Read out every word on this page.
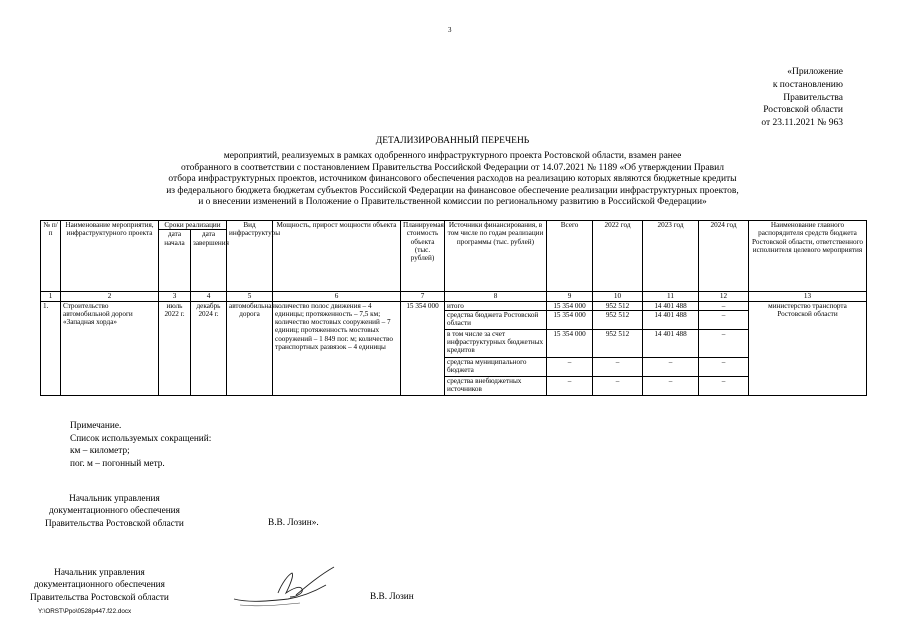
3
«Приложение
к постановлению
Правительства
Ростовской области
от 23.11.2021 № 963
ДЕТАЛИЗИРОВАННЫЙ ПЕРЕЧЕНЬ
мероприятий, реализуемых в рамках одобренного инфраструктурного проекта Ростовской области, взамен ранее
отобранного в соответствии с постановлением Правительства Российской Федерации от 14.07.2021 № 1189 «Об утверждении Правил
отбора инфраструктурных проектов, источником финансового обеспечения расходов на реализацию которых являются бюджетные кредиты
из федерального бюджета бюджетам субъектов Российской Федерации на финансовое обеспечение реализации инфраструктурных проектов,
и о внесении изменений в Положение о Правительственной комиссии по региональному развитию в Российской Федерации»
№ п/п	Наименование мероприятия, инфраструктурного проекта	Сроки реализации		Вид инфраструктуры	Мощность, прирост мощности объекта	Планируемая стоимость объекта (тыс. рублей)	Источники финансирования, в том числе по годам реализации программы (тыс. рублей)	Всего	2022 год	2023 год	2024 год	Наименование главного распорядителя средств бюджета Ростовской области, ответственного исполнителя целевого мероприятия
		дата начала	дата завершения									
1	2	3	4	5	6	7	8	9	10	11	12	13
1.	Строительство автомобильной дороги «Западная хорда»	июль 2022 г.	декабрь 2024 г.	автомобильная дорога	количество полос движения – 4 единицы; протяженность – 7,5 км; количество мостовых сооружений – 7 единиц; протяженность мостовых сооружений – 1 849 пог. м; количество транспортных развязок – 4 единицы	15 354 000	итого	15 354 000	952 512	14 401 488	–	министерство транспорта Ростовской области
							средства бюджета Ростовской области	15 354 000	952 512	14 401 488	–	
							в том числе за счет инфраструктурных бюджетных кредитов	15 354 000	952 512	14 401 488	–	
							средства муниципального бюджета	–	–	–	–	
							средства внебюджетных источников	–	–	–	–	
Примечание.
Список используемых сокращений:
км – километр;
пог. м – погонный метр.
Начальник управления
документационного обеспечения
Правительства Ростовской области	В.В. Лозин».
Начальник управления
документационного обеспечения
Правительства Ростовской области	В.В. Лозин
Y:\ORST\Ppo\0528p447.f22.docx
